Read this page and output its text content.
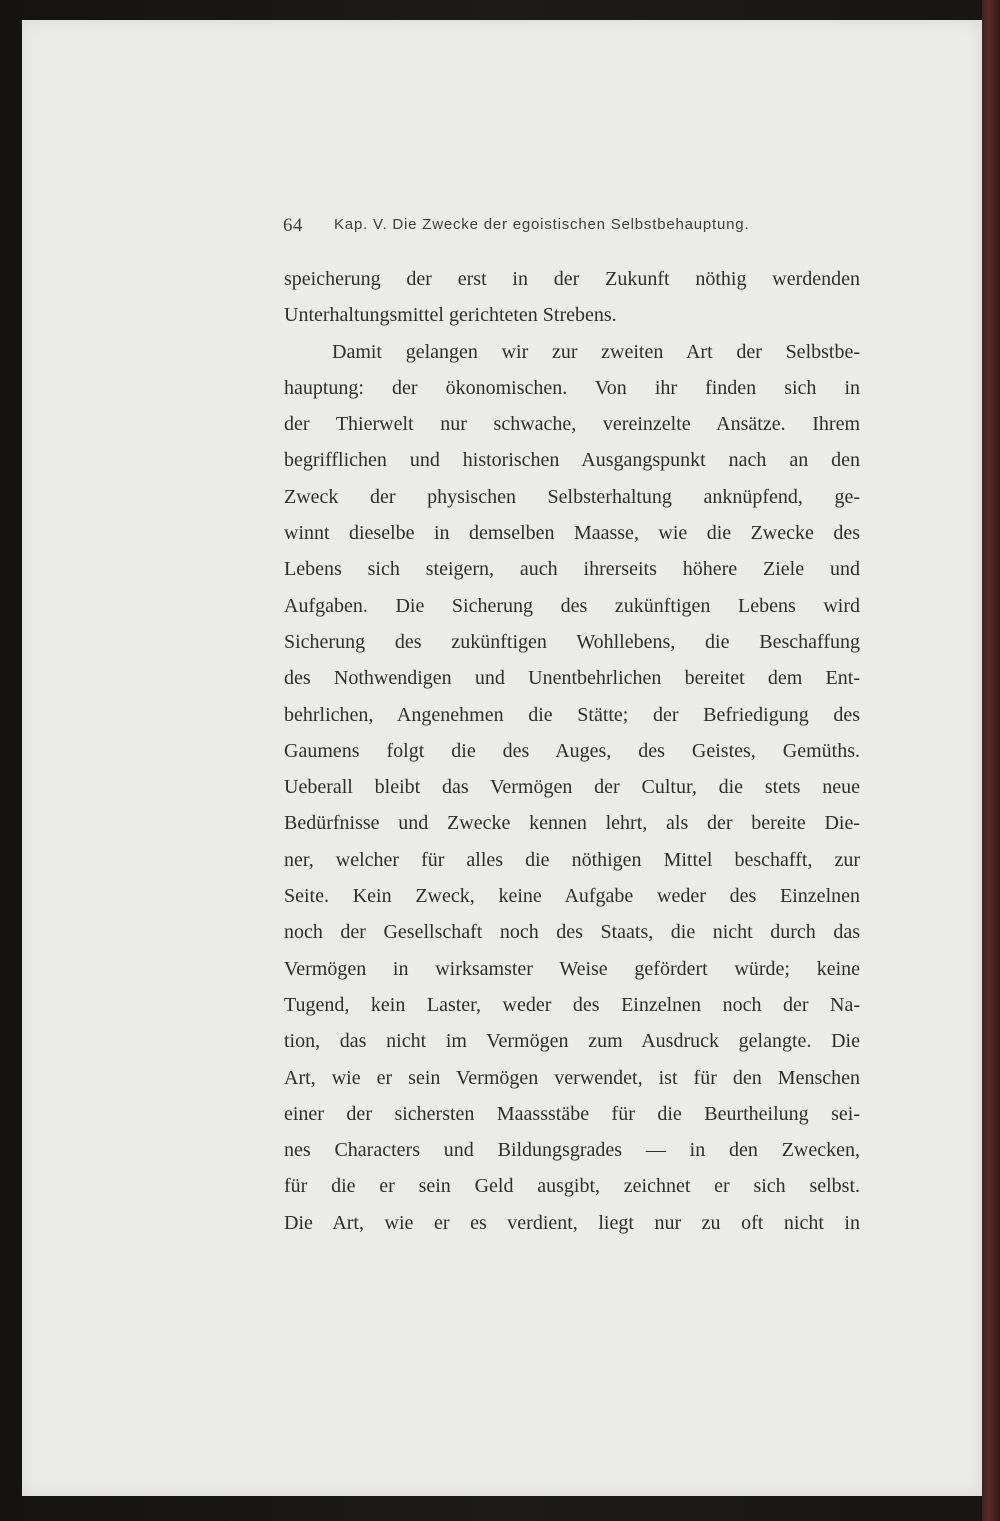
64 Kap. V. Die Zwecke der egoistischen Selbstbehauptung.
speicherung der erst in der Zukunft nöthig werdenden
Unterhaltungsmittel gerichteten Strebens.
Damit gelangen wir zur zweiten Art der Selbstbe-
hauptung: der ökonomischen. Von ihr finden sich in
der Thierwelt nur schwache, vereinzelte Ansätze. Ihrem
begrifflichen und historischen Ausgangspunkt nach an den
Zweck der physischen Selbsterhaltung anknüpfend, ge-
winnt dieselbe in demselben Maasse, wie die Zwecke des
Lebens sich steigern, auch ihrerseits höhere Ziele und
Aufgaben. Die Sicherung des zukünftigen Lebens wird
Sicherung des zukünftigen Wohllebens, die Beschaffung
des Nothwendigen und Unentbehrlichen bereitet dem Ent-
behrlichen, Angenehmen die Stätte; der Befriedigung des
Gaumens folgt die des Auges, des Geistes, Gemüths.
Ueberall bleibt das Vermögen der Cultur, die stets neue
Bedürfnisse und Zwecke kennen lehrt, als der bereite Die-
ner, welcher für alles die nöthigen Mittel beschafft, zur
Seite. Kein Zweck, keine Aufgabe weder des Einzelnen
noch der Gesellschaft noch des Staats, die nicht durch das
Vermögen in wirksamster Weise gefördert würde; keine
Tugend, kein Laster, weder des Einzelnen noch der Na-
tion, das nicht im Vermögen zum Ausdruck gelangte. Die
Art, wie er sein Vermögen verwendet, ist für den Menschen
einer der sichersten Maassstäbe für die Beurtheilung sei-
nes Characters und Bildungsgrades — in den Zwecken,
für die er sein Geld ausgibt, zeichnet er sich selbst.
Die Art, wie er es verdient, liegt nur zu oft nicht in
